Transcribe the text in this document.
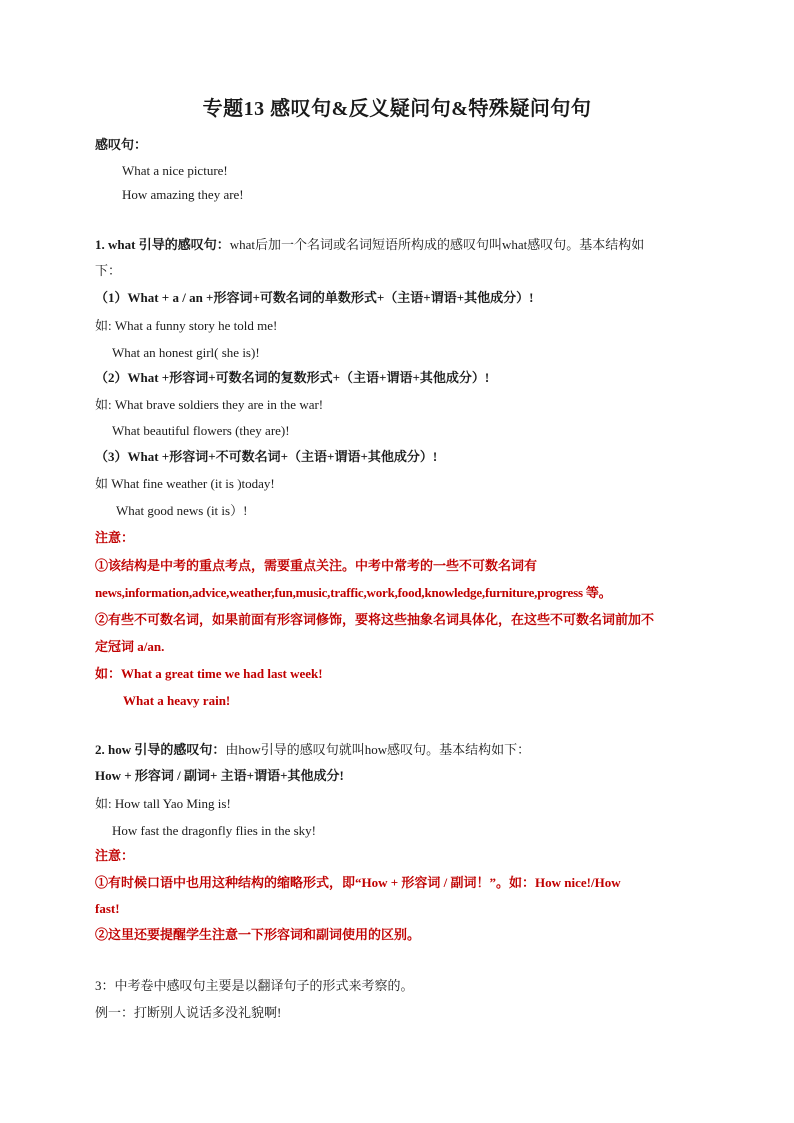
专题13 感叹句&反义疑问句&特殊疑问句句
感叹句：
What a nice picture!
How amazing they are!
1. what 引导的感叹句：what后加一个名词或名词短语所构成的感叹句叫what感叹句。基本结构如
下：
（1）What + a / an +形容词+可数名词的单数形式+（主语+谓语+其他成分）!
如: What a funny story he told me!
What an honest girl( she is)!
（2）What +形容词+可数名词的复数形式+（主语+谓语+其他成分）!
如: What brave soldiers they are in the war!
What beautiful flowers (they are)!
（3）What +形容词+不可数名词+（主语+谓语+其他成分）!
如 What fine weather (it is )today!
What good news (it is）!
注意：
①该结构是中考的重点考点，需要重点关注。中考中常考的一些不可数名词有
news,information,advice,weather,fun,music,traffic,work,food,knowledge,furniture,progress 等。
②有些不可数名词，如果前面有形容词修饰，要将这些抽象名词具体化，在这些不可数名词前加不
定冠词 a/an.
如：What a great time we had last week!
What a heavy rain!
2. how 引导的感叹句：由how引导的感叹句就叫how感叹句。基本结构如下：
How + 形容词 / 副词+ 主语+谓语+其他成分!
如: How tall Yao Ming is!
How fast the dragonfly flies in the sky!
注意：
①有时候口语中也用这种结构的缩略形式，即“How + 形容词 / 副词！”。如：How nice!/How
fast!
②这里还要提醒学生注意一下形容词和副词使用的区别。
3：中考卷中感叹句主要是以翻译句子的形式来考察的。
例一：打断别人说话多没礼貌啊!
